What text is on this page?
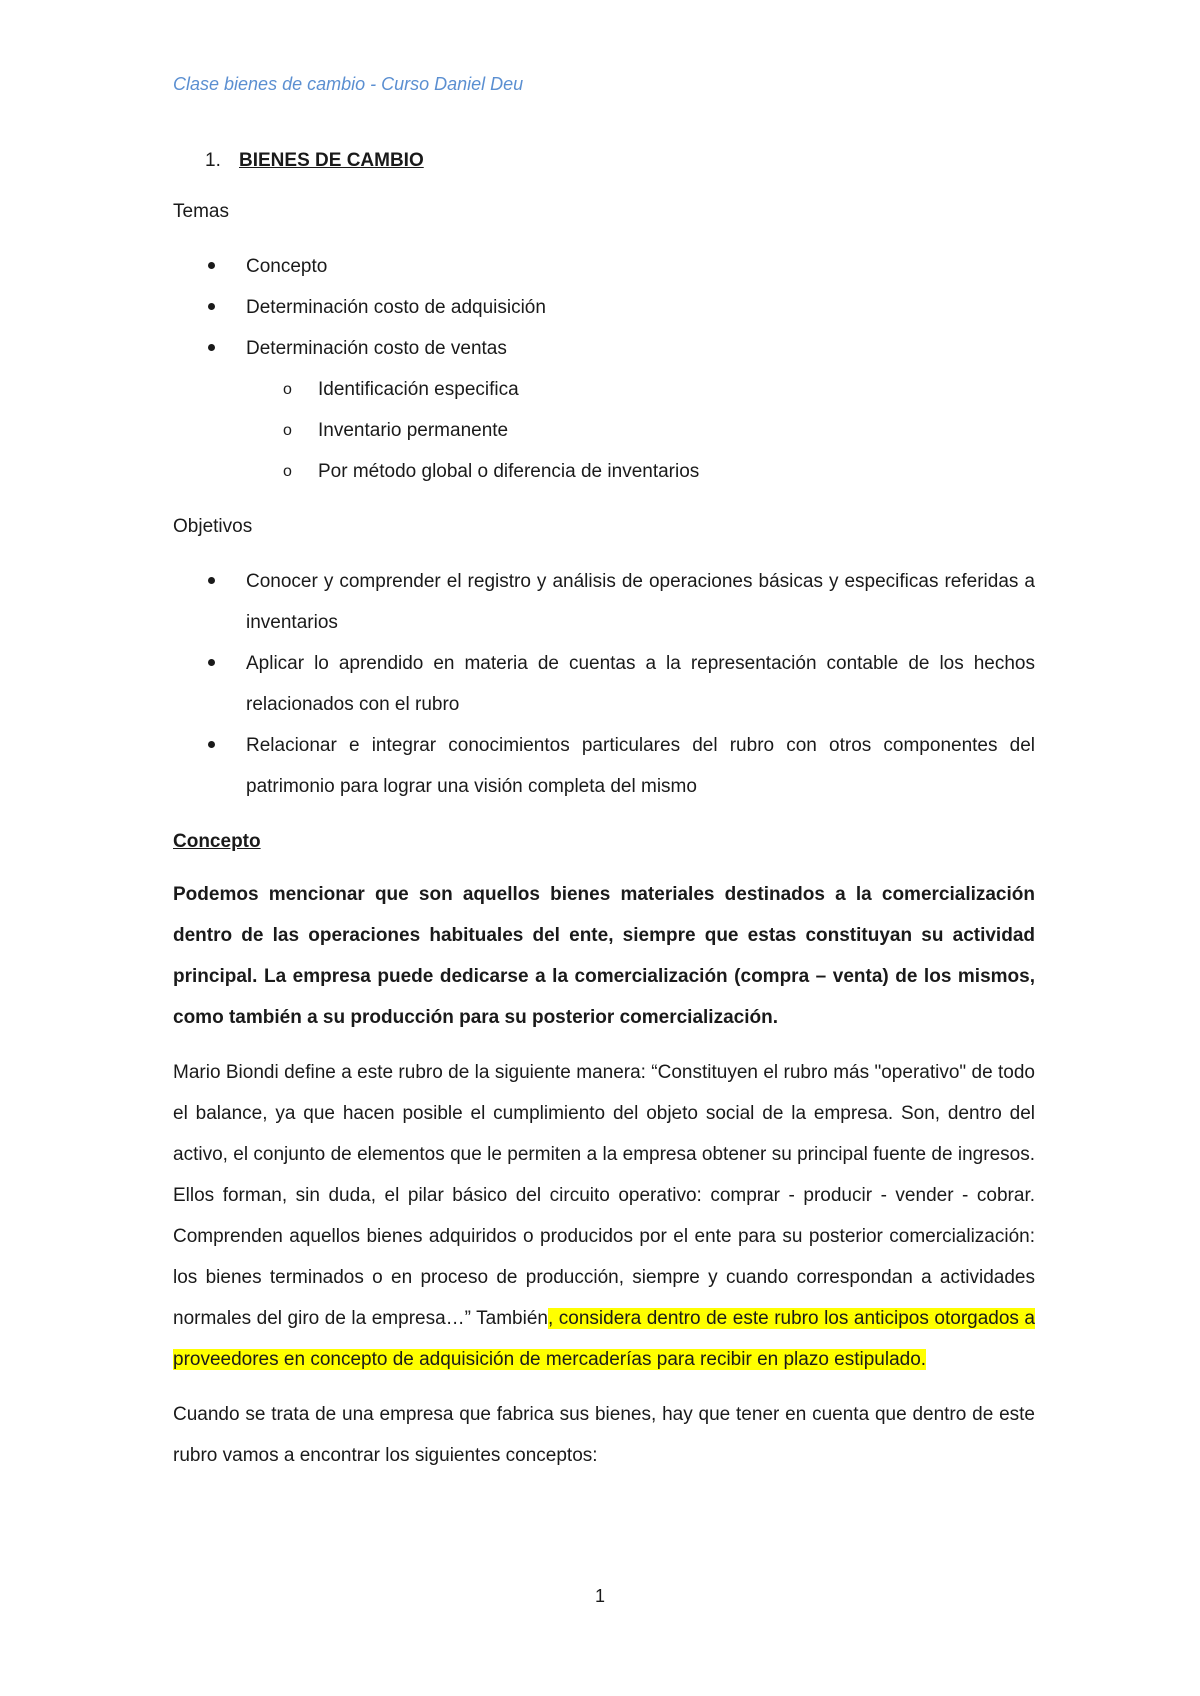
Clase bienes de cambio - Curso Daniel Deu
1. BIENES DE CAMBIO
Temas
Concepto
Determinación costo de adquisición
Determinación costo de ventas
o Identificación especifica
o Inventario permanente
o Por método global o diferencia de inventarios
Objetivos
Conocer y comprender el registro y análisis de operaciones básicas y especificas referidas a inventarios
Aplicar lo aprendido en materia de cuentas a la representación contable de los hechos relacionados con el rubro
Relacionar e integrar conocimientos particulares del rubro con otros componentes del patrimonio para lograr una visión completa del mismo
Concepto

Podemos mencionar que son aquellos bienes materiales destinados a la comercialización dentro de las operaciones habituales del ente, siempre que estas constituyan su actividad principal. La empresa puede dedicarse a la comercialización (compra – venta) de los mismos, como también a su producción para su posterior comercialización.

Mario Biondi define a este rubro de la siguiente manera: “Constituyen el rubro más "operativo" de todo el balance, ya que hacen posible el cumplimiento del objeto social de la empresa. Son, dentro del activo, el conjunto de elementos que le permiten a la empresa obtener su principal fuente de ingresos. Ellos forman, sin duda, el pilar básico del circuito operativo: comprar - producir - vender - cobrar. Comprenden aquellos bienes adquiridos o producidos por el ente para su posterior comercialización: los bienes terminados o en proceso de producción, siempre y cuando correspondan a actividades normales del giro de la empresa…” También, considera dentro de este rubro los anticipos otorgados a proveedores en concepto de adquisición de mercaderías para recibir en plazo estipulado.

Cuando se trata de una empresa que fabrica sus bienes, hay que tener en cuenta que dentro de este rubro vamos a encontrar los siguientes conceptos:

1
